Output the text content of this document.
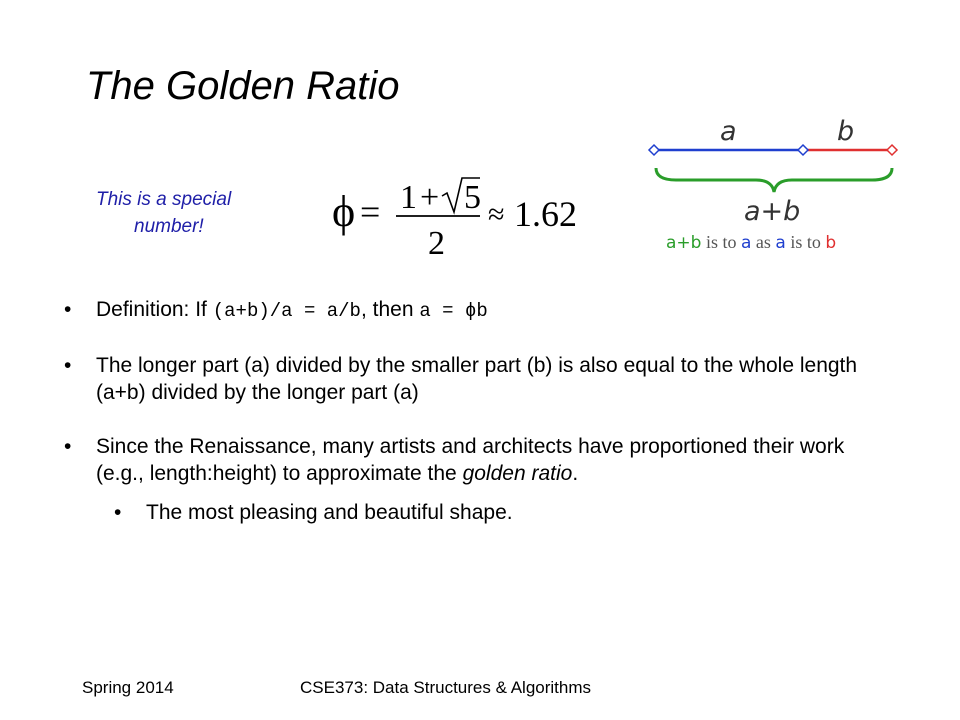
The Golden Ratio
This is a special
number!	ϕ = 1 + 5
2
≈ 1.62
a	b
a+b
a+b is to a as a is to b
• Definition: If (a+b)/a = a/b, then a = ϕb
• The longer part (a) divided by the smaller part (b) is also equal to the whole length (a+b) divided by the longer part (a)
• Since the Renaissance, many artists and architects have proportioned their work (e.g., length:height) to approximate the golden ratio.
• The most pleasing and beautiful shape.
Spring 2014	CSE373: Data Structures & Algorithms
